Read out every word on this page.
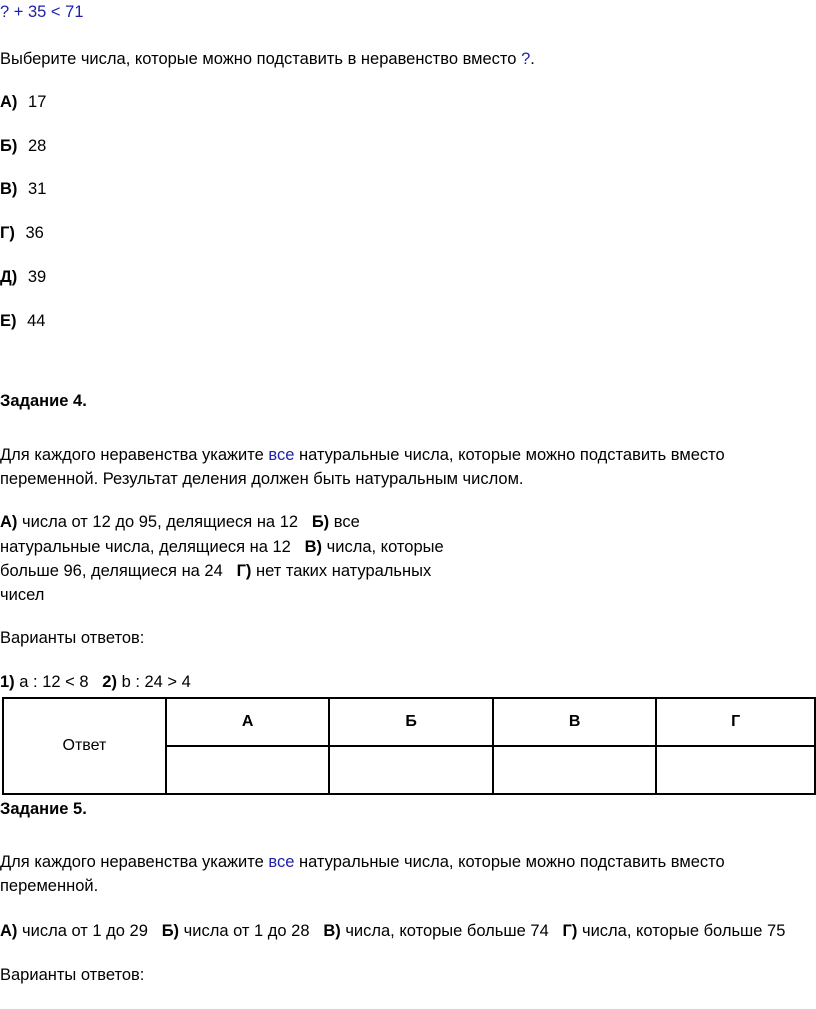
? + 35 < 71
Выберите числа, которые можно подставить в неравенство вместо ?.
А) 17
Б) 28
В) 31
Г) 36
Д) 39
Е) 44
Задание 4.
Для каждого неравенства укажите все натуральные числа, которые можно подставить вместо
переменной. Результат деления должен быть натуральным числом.
А) числа от 12 до 95, делящиеся на 12 Б) все
натуральные числа, делящиеся на 12 В) числа, которые
больше 96, делящиеся на 24 Г) нет таких натуральных
чисел
Варианты ответов:
1) a : 12 < 8 2) b : 24 > 4
Ответ	А	Б	В	Г

Задание 5.
Для каждого неравенства укажите все натуральные числа, которые можно подставить вместо
переменной.
А) числа от 1 до 29 Б) числа от 1 до 28 В) числа, которые больше 74 Г) числа, которые больше 75
Варианты ответов:
